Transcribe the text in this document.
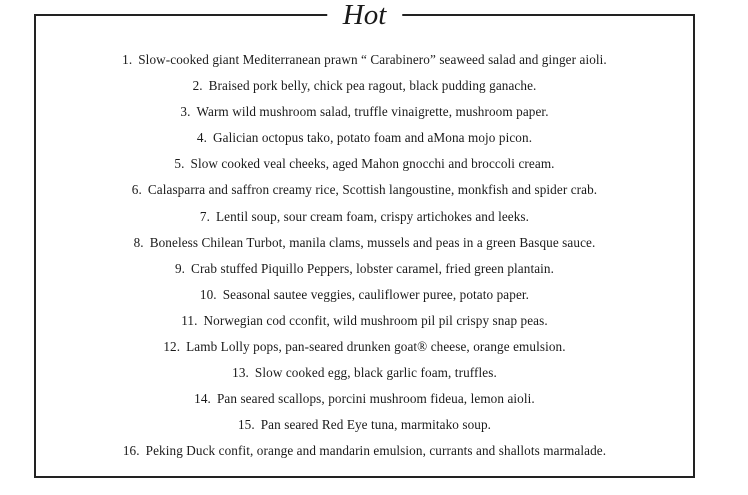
Hot
1. Slow-cooked giant Mediterranean prawn “ Carabinero” seaweed salad and ginger aioli.
2. Braised pork belly, chick pea ragout, black pudding ganache.
3. Warm wild mushroom salad, truffle vinaigrette, mushroom paper.
4. Galician octopus tako, potato foam and aMona mojo picon.
5. Slow cooked veal cheeks, aged Mahon gnocchi and broccoli cream.
6. Calasparra and saffron creamy rice, Scottish langoustine, monkfish and spider crab.
7. Lentil soup, sour cream foam, crispy artichokes and leeks.
8. Boneless Chilean Turbot, manila clams, mussels and peas in a green Basque sauce.
9. Crab stuffed Piquillo Peppers, lobster caramel, fried green plantain.
10. Seasonal sautee veggies, cauliflower puree, potato paper.
11. Norwegian cod cconfit, wild mushroom pil pil crispy snap peas.
12. Lamb Lolly pops, pan-seared drunken goat® cheese, orange emulsion.
13. Slow cooked egg, black garlic foam, truffles.
14. Pan seared scallops, porcini mushroom fideua, lemon aioli.
15. Pan seared Red Eye tuna, marmitako soup.
16. Peking Duck confit, orange and mandarin emulsion, currants and shallots marmalade.
